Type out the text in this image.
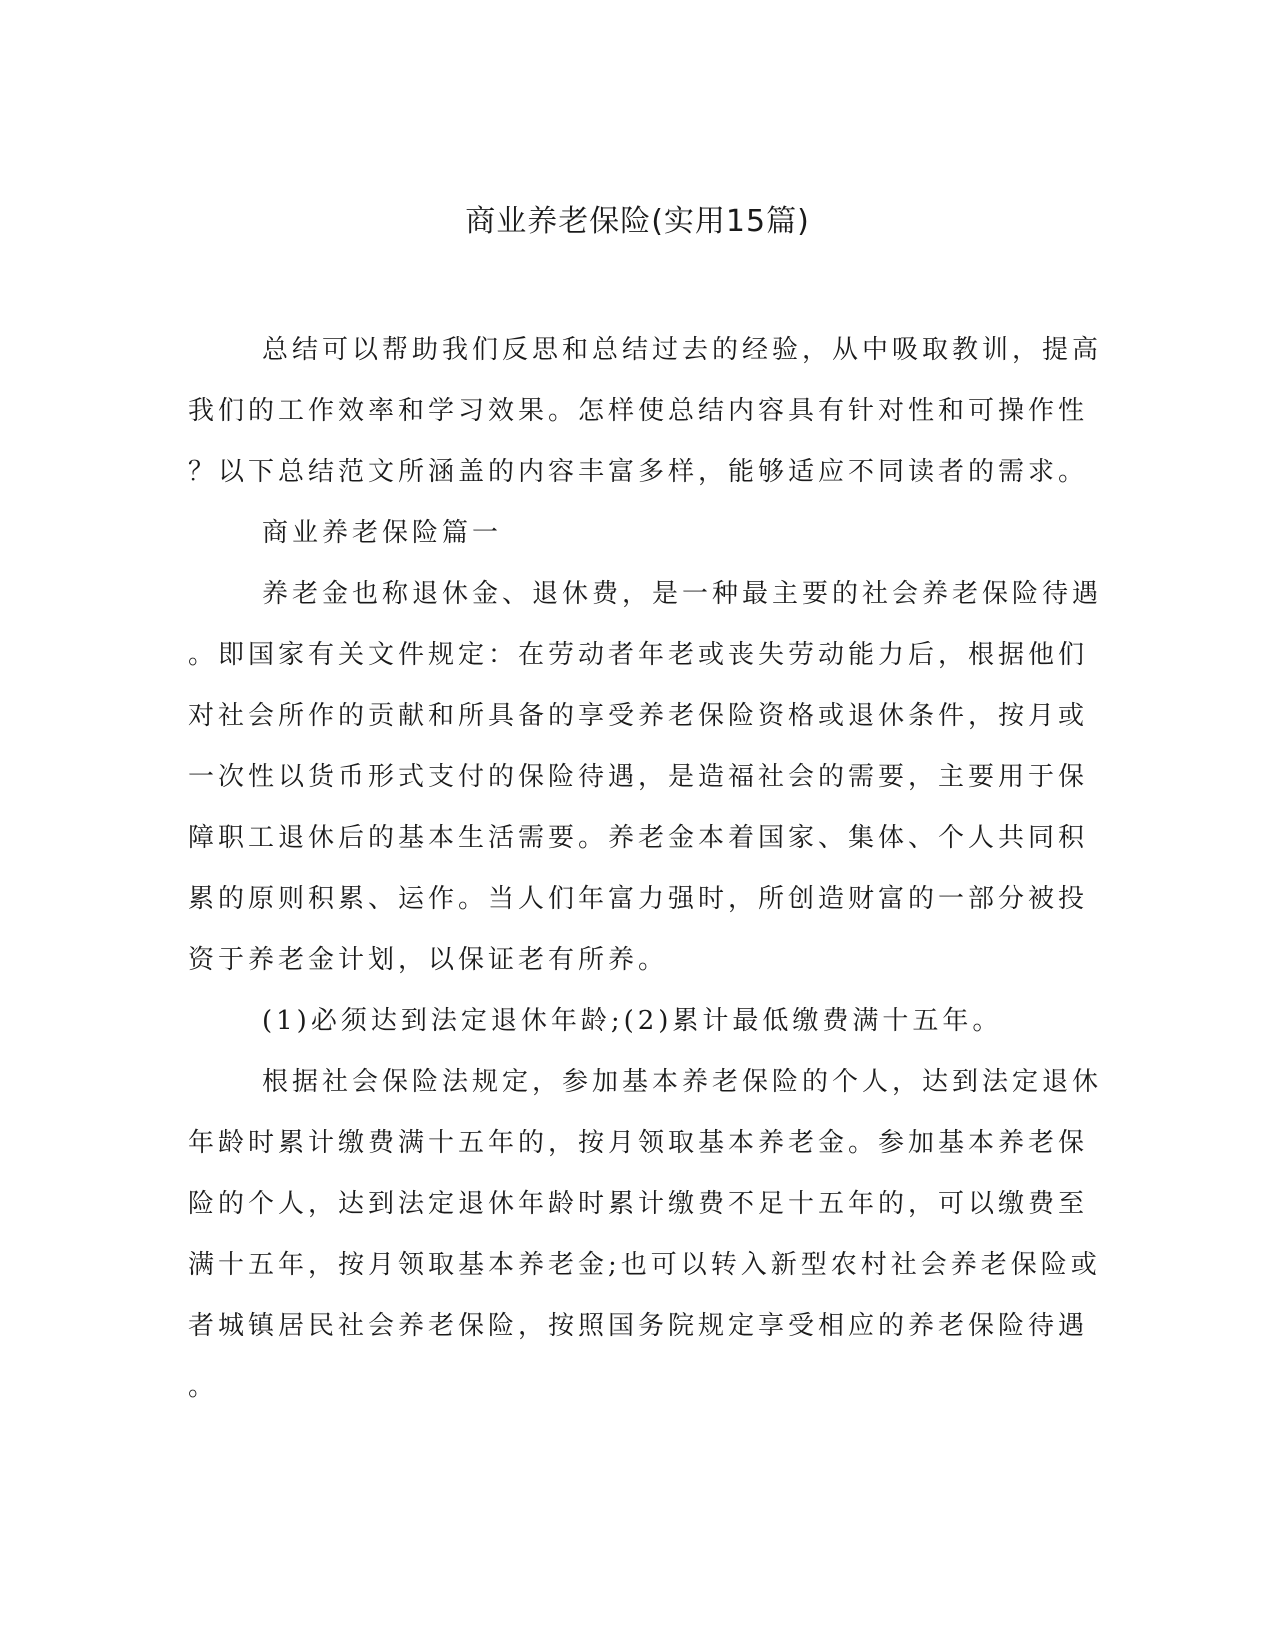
商业养老保险(实用15篇)
总结可以帮助我们反思和总结过去的经验，从中吸取教训，提高
我们的工作效率和学习效果。怎样使总结内容具有针对性和可操作性
？以下总结范文所涵盖的内容丰富多样，能够适应不同读者的需求。
商业养老保险篇一
养老金也称退休金、退休费，是一种最主要的社会养老保险待遇
。即国家有关文件规定：在劳动者年老或丧失劳动能力后，根据他们
对社会所作的贡献和所具备的享受养老保险资格或退休条件，按月或
一次性以货币形式支付的保险待遇，是造福社会的需要，主要用于保
障职工退休后的基本生活需要。养老金本着国家、集体、个人共同积
累的原则积累、运作。当人们年富力强时，所创造财富的一部分被投
资于养老金计划，以保证老有所养。
(1)必须达到法定退休年龄;(2)累计最低缴费满十五年。
根据社会保险法规定，参加基本养老保险的个人，达到法定退休
年龄时累计缴费满十五年的，按月领取基本养老金。参加基本养老保
险的个人，达到法定退休年龄时累计缴费不足十五年的，可以缴费至
满十五年，按月领取基本养老金;也可以转入新型农村社会养老保险或
者城镇居民社会养老保险，按照国务院规定享受相应的养老保险待遇
。
